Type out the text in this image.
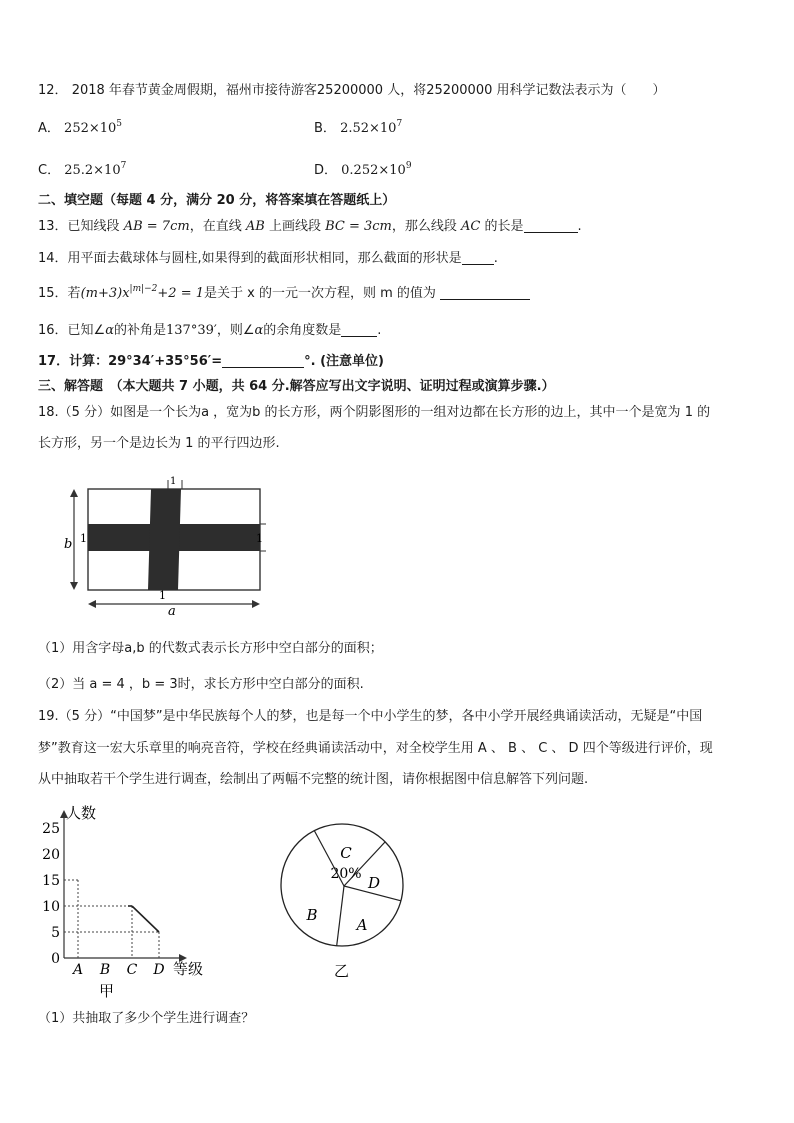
12． 2018 年春节黄金周假期，福州市接待游客25200000 人，将25200000 用科学记数法表示为（　　）
A． $252\times 10^5$	B． $2.52\times 10^7$
C． $25.2\times 10^7$	D． $0.252\times 10^9$
二、填空题（每题 4 分，满分 20 分，将答案填在答题纸上）
13．已知线段 AB = 7cm，在直线 AB 上画线段 BC = 3cm，那么线段 AC 的长是	.
14．用平面去截球体与圆柱,如果得到的截面形状相同，那么截面的形状是 .
15．若$(m+3)x^{|m|-2}+2 = 1$是关于 x 的一元一次方程，则 m 的值为
16．已知∠α的补角是137°39′，则∠α的余角度数是	.
17．计算：29°34′+35°56′=	°. (注意单位)
三、解答题　（本大题共 7 小题，共 64 分.解答应写出文字说明、证明过程或演算步骤.）
18.（5 分）如图是一个长为a ，宽为b 的长方形，两个阴影图形的一组对边都在长方形的边上，其中一个是宽为 1 的
长方形，另一个是边长为 1 的平行四边形.
1
b 1	1
1
a
（1）用含字母a,b 的代数式表示长方形中空白部分的面积；
（2）当 a = 4 ，b = 3时，求长方形中空白部分的面积.
19.（5 分）“中国梦”是中华民族每个人的梦，也是每一个中小学生的梦，各中小学开展经典诵读活动，无疑是“中国
梦”教育这一宏大乐章里的响亮音符，学校在经典诵读活动中，对全校学生用 A 、 B 、 C 、 D 四个等级进行评价，现
从中抽取若干个学生进行调查，绘制出了两幅不完整的统计图，请你根据图中信息解答下列问题.
人数
等级
0
5
10
15
20
25
A B C D
甲
C
20% D
A
B
乙
（1）共抽取了多少个学生进行调查？
